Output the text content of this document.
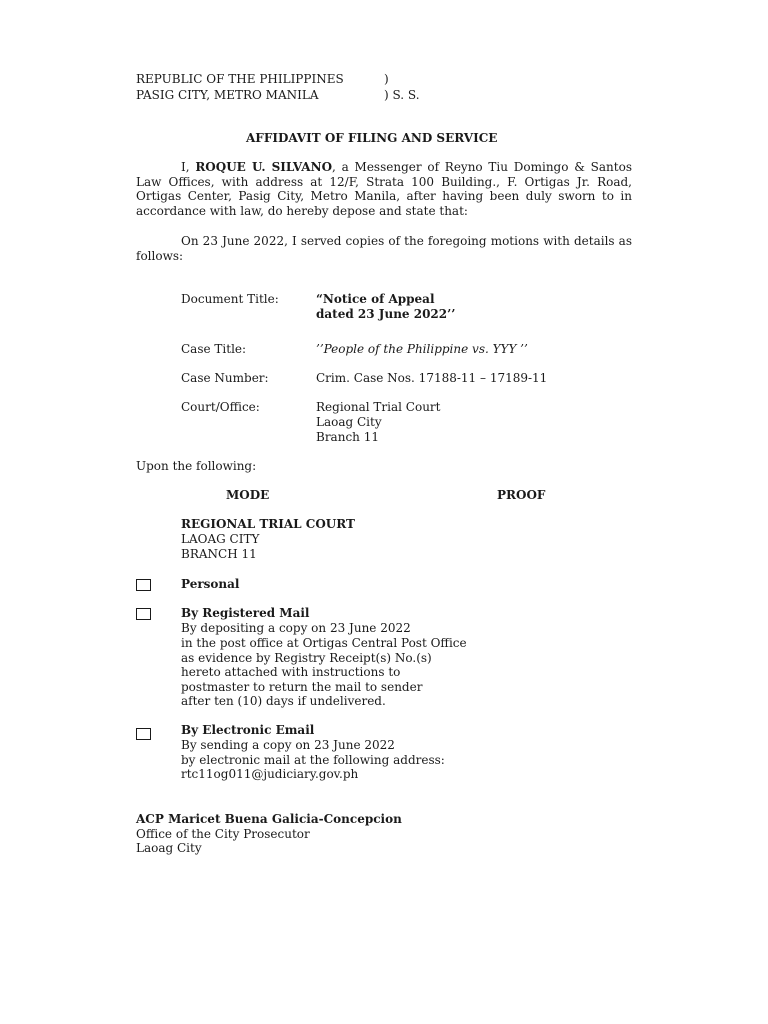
REPUBLIC OF THE PHILIPPINES	)
PASIG CITY, METRO MANILA	) S. S.
AFFIDAVIT OF FILING AND SERVICE
I, ROQUE U. SILVANO, a Messenger of Reyno Tiu Domingo & Santos Law Offices, with address at 12/F, Strata 100 Building., F. Ortigas Jr. Road, Ortigas Center, Pasig City, Metro Manila, after having been duly sworn to in accordance with law, do hereby depose and state that:
On 23 June 2022, I served copies of the foregoing motions with details as follows:
Document Title:	“Notice of Appeal
dated 23 June 2022’’
Case Title:	’’People of the Philippine vs. YYY ’’
Case Number:	Crim. Case Nos. 17188-11 – 17189-11
Court/Office:	Regional Trial Court
Laoag City
Branch 11
Upon the following:
MODE	PROOF
REGIONAL TRIAL COURT
LAOAG CITY
BRANCH 11
Personal
By Registered Mail
By depositing a copy on 23 June 2022
in the post office at Ortigas Central Post Office
as evidence by Registry Receipt(s) No.(s)
hereto attached with instructions to
postmaster to return the mail to sender
after ten (10) days if undelivered.
By Electronic Email
By sending a copy on 23 June 2022
by electronic mail at the following address:
rtc11og011@judiciary.gov.ph
ACP Maricet Buena Galicia-Concepcion
Office of the City Prosecutor
Laoag City
